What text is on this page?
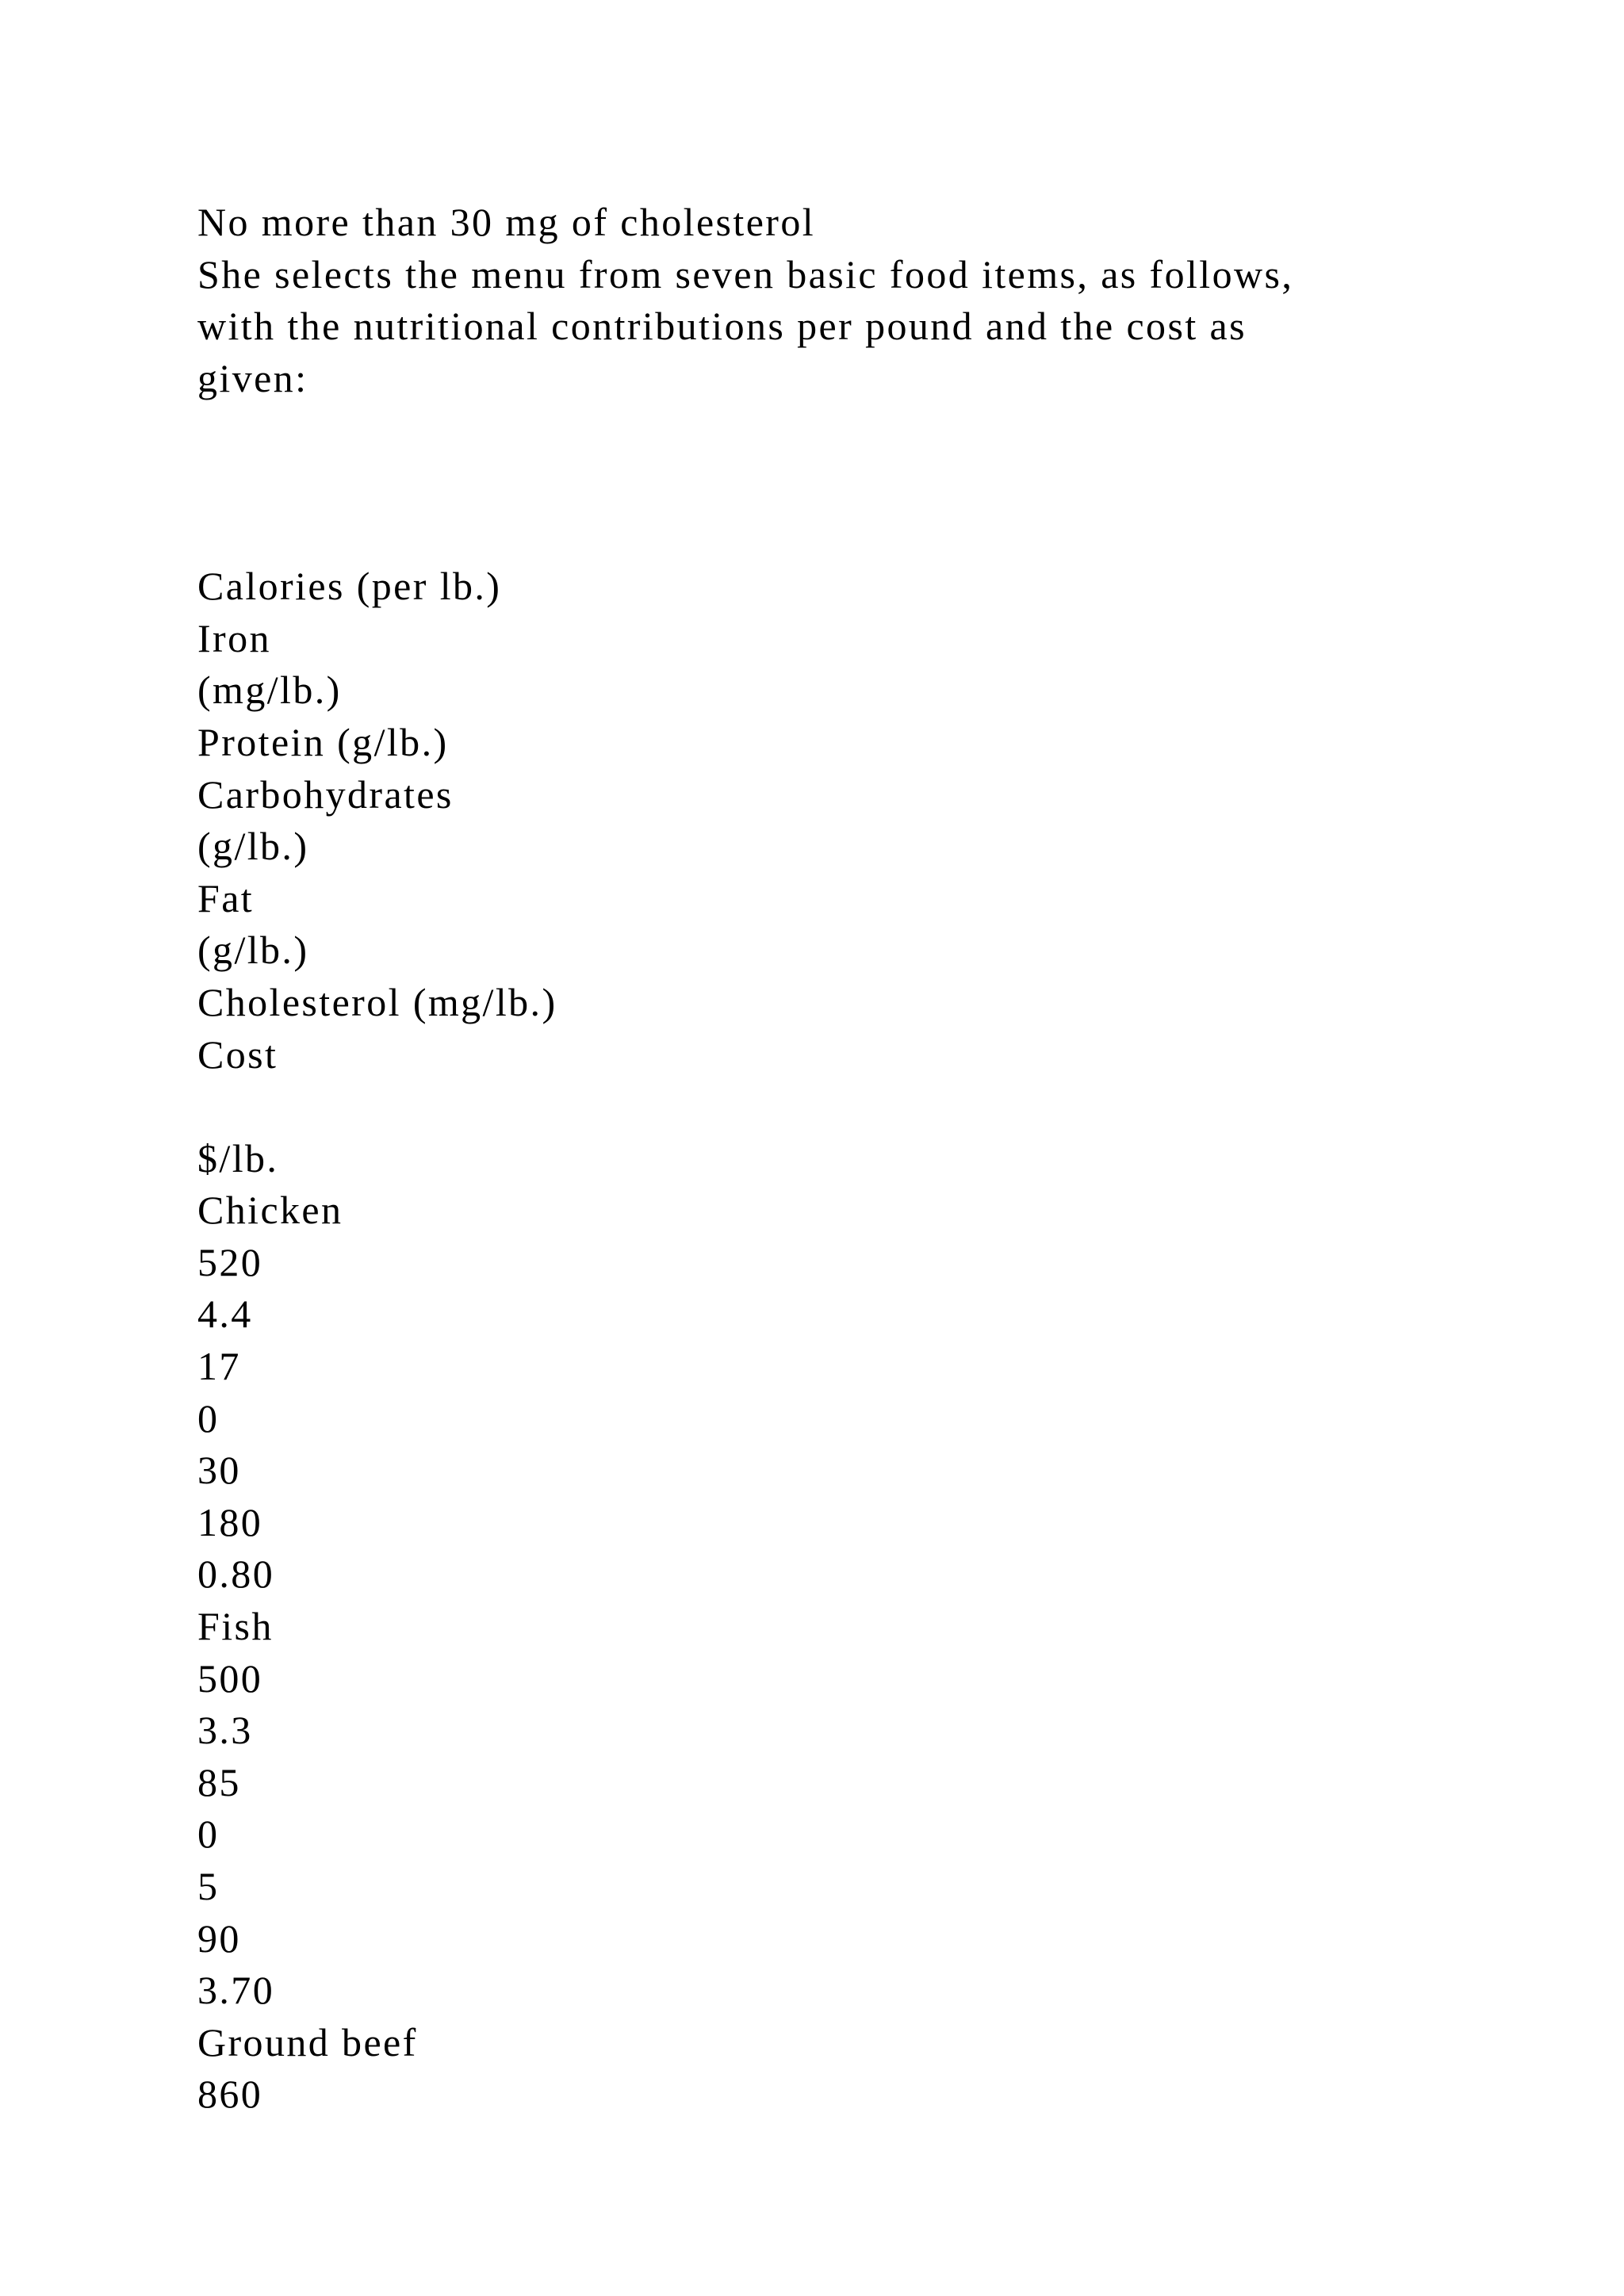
No more than 30 mg of cholesterol
She selects the menu from seven basic food items, as follows,
with the nutritional contributions per pound and the cost as
given:
Calories (per lb.)
Iron
(mg/lb.)
Protein (g/lb.)
Carbohydrates
(g/lb.)
Fat
(g/lb.)
Cholesterol (mg/lb.)
Cost
$/lb.
Chicken
520
4.4
17
0
30
180
0.80
Fish
500
3.3
85
0
5
90
3.70
Ground beef
860
